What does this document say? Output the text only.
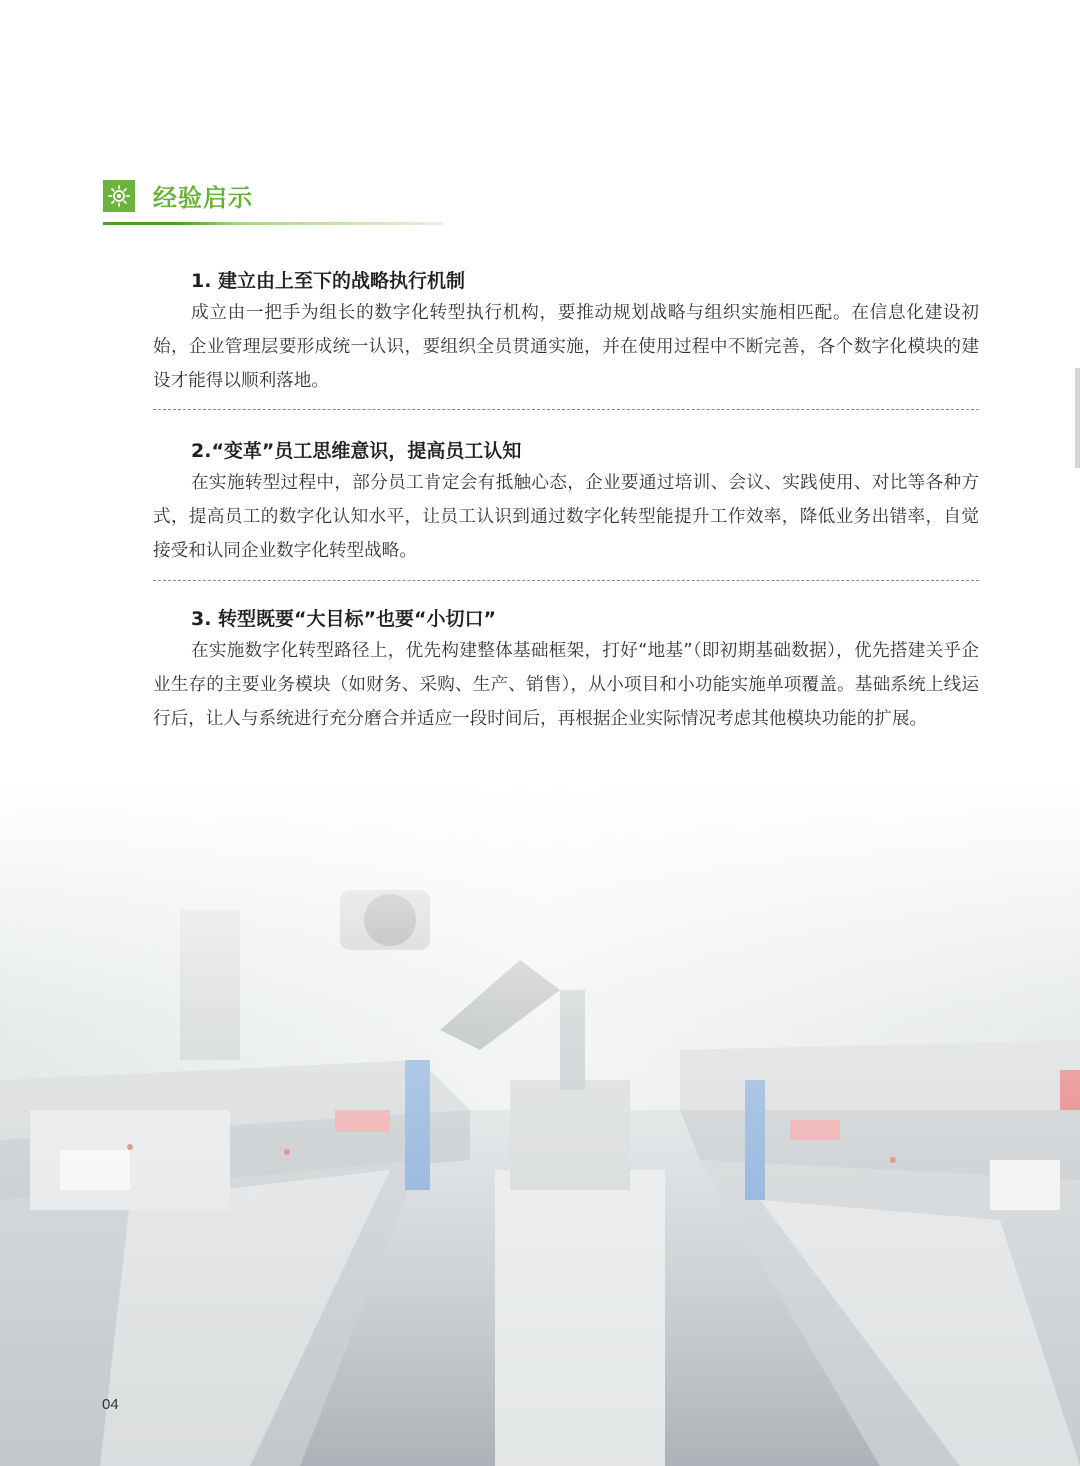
经验启示
1. 建立由上至下的战略执行机制
成立由一把手为组长的数字化转型执行机构，要推动规划战略与组织实施相匹配。在信息化建设初始，企业管理层要形成统一认识，要组织全员贯通实施，并在使用过程中不断完善，各个数字化模块的建设才能得以顺利落地。
2.“变革”员工思维意识，提高员工认知
在实施转型过程中，部分员工肯定会有抵触心态，企业要通过培训、会议、实践使用、对比等各种方式，提高员工的数字化认知水平，让员工认识到通过数字化转型能提升工作效率，降低业务出错率，自觉接受和认同企业数字化转型战略。
3. 转型既要“大目标”也要“小切口”
在实施数字化转型路径上，优先构建整体基础框架，打好“地基”（即初期基础数据），优先搭建关乎企业生存的主要业务模块（如财务、采购、生产、销售），从小项目和小功能实施单项覆盖。基础系统上线运行后，让人与系统进行充分磨合并适应一段时间后，再根据企业实际情况考虑其他模块功能的扩展。
04
